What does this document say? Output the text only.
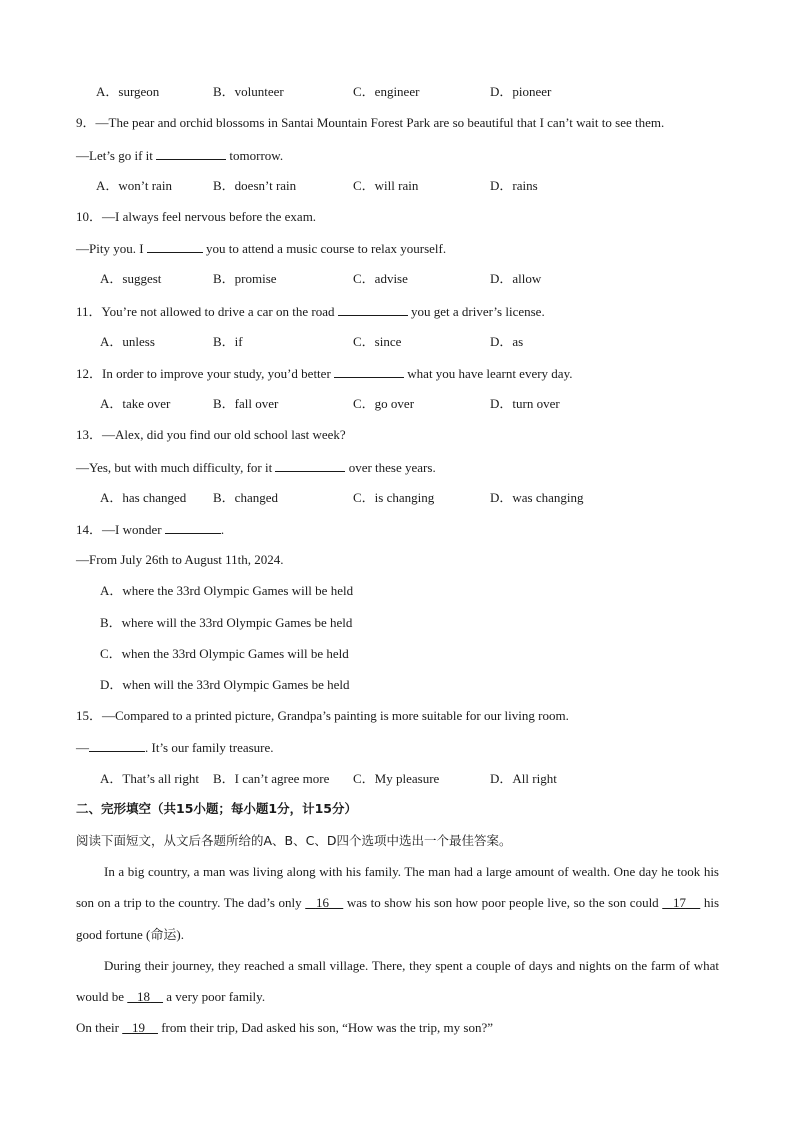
A．surgeon	B．volunteer	C．engineer	D．pioneer
9．—The pear and orchid blossoms in Santai Mountain Forest Park are so beautiful that I can’t wait to see them.
—Let’s go if it	tomorrow.
A．won’t rain	B．doesn’t rain	C．will rain	D．rains
10．—I always feel nervous before the exam.
—Pity you. I	you to attend a music course to relax yourself.
A．suggest	B．promise	C．advise	D．allow
11．You’re not allowed to drive a car on the road	you get a driver’s license.
A．unless	B．if	C．since	D．as
12．In order to improve your study, you’d better	what you have learnt every day.
A．take over	B．fall over	C．go over	D．turn over
13．—Alex, did you find our old school last week?
—Yes, but with much difficulty, for it	over these years.
A．has changed B．changed	C．is changing	D．was changing
14．—I wonder	.
—From July 26th to August 11th, 2024.
A．where the 33rd Olympic Games will be held
B．where will the 33rd Olympic Games be held
C．when the 33rd Olympic Games will be held
D．when will the 33rd Olympic Games be held
15．—Compared to a printed picture, Grandpa’s painting is more suitable for our living room.
—	. It’s our family treasure.
A．That’s all right B．I can’t agree more C．My pleasure	D．All right
二、完形填空（共15小题；每小题1分，计15分）
阅读下面短文，从文后各题所给的A、B、C、D四个选项中选出一个最佳答案。
In a big country, a man was living along with his family. The man had a large amount of wealth. One day he took his son on a trip to the country. The dad’s only    16     was to show his son how poor people live, so the son could    17     his good fortune (命运).
During their journey, they reached a small village. There, they spent a couple of days and nights on the farm of what would be    18     a very poor family.
On their    19     from their trip, Dad asked his son, “How was the trip, my son?”
